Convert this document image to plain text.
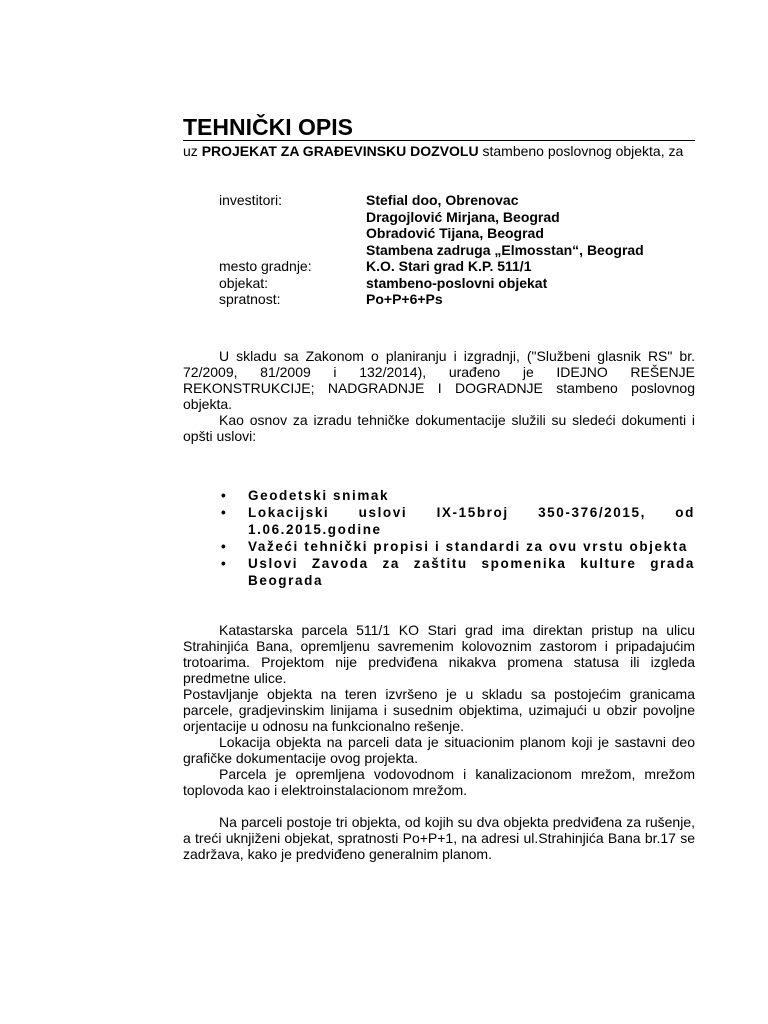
TEHNIČKI OPIS
uz PROJEKAT ZA GRAĐEVINSKU DOZVOLU stambeno poslovnog objekta, za
investitori:	Stefial doo, Obrenovac
	Dragojlović Mirjana, Beograd
	Obradović Tijana, Beograd
	Stambena zadruga „Elmosstan“, Beograd
mesto gradnje:	K.O. Stari grad K.P. 511/1
objekat:	stambeno-poslovni objekat
spratnost:	Po+P+6+Ps
U skladu sa Zakonom o planiranju i izgradnji, ("Službeni glasnik RS" br. 72/2009, 81/2009 i 132/2014), urađeno je IDEJNO REŠENJE REKONSTRUKCIJE; NADGRADNJE I DOGRADNJE stambeno poslovnog objekta.
Kao osnov za izradu tehničke dokumentacije služili su sledeći dokumenti i opšti uslovi:
• Geodetski snimak
• Lokacijski uslovi IX-15broj 350-376/2015, od 1.06.2015.godine
• Važeći tehnički propisi i standardi za ovu vrstu objekta
• Uslovi Zavoda za zaštitu spomenika kulture grada Beograda
Katastarska parcela 511/1 KO Stari grad ima direktan pristup na ulicu Strahinjića Bana, opremljenu savremenim kolovoznim zastorom i pripadajućim trotoarima. Projektom nije predviđena nikakva promena statusa ili izgleda predmetne ulice.
Postavljanje objekta na teren izvršeno je u skladu sa postojećim granicama parcele, gradjevinskim linijama i susednim objektima, uzimajući u obzir povoljne orjentacije u odnosu na funkcionalno rešenje.
Lokacija objekta na parceli data je situacionim planom koji je sastavni deo grafičke dokumentacije ovog projekta.
Parcela je opremljena vodovodnom i kanalizacionom mrežom, mrežom toplovoda kao i elektroinstalacionom mrežom.
Na parceli postoje tri objekta, od kojih su dva objekta predviđena za rušenje, a treći uknjiženi objekat, spratnosti Po+P+1, na adresi ul.Strahinjića Bana br.17 se zadržava, kako je predviđeno generalnim planom.
